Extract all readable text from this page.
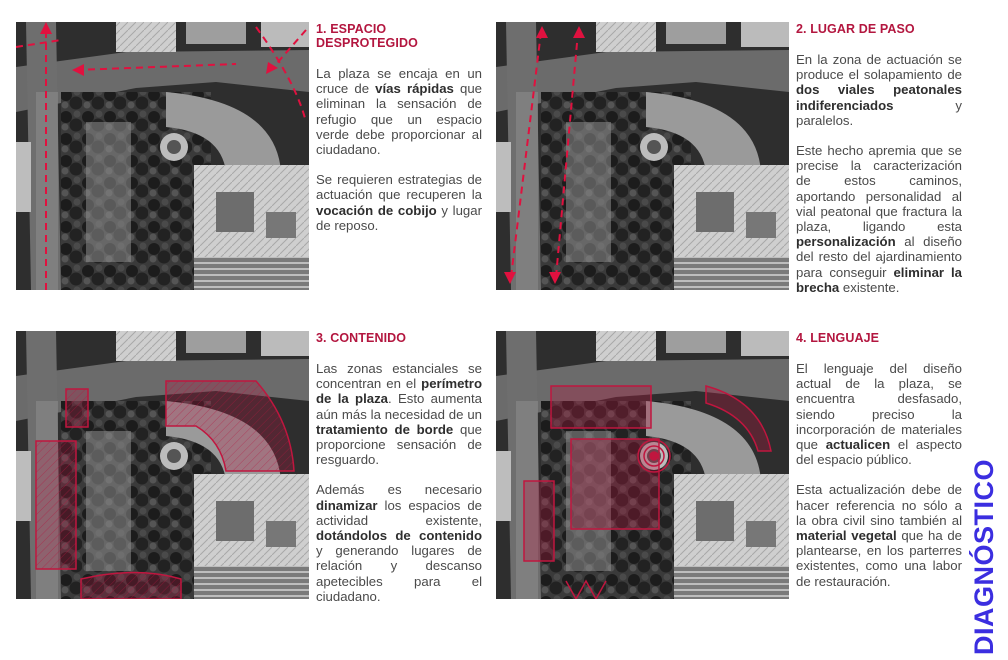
1. ESPACIO DESPROTEGIDO

La plaza se encaja en un cruce de vías rápidas que eliminan la sensación de refugio que un espacio verde debe proporcionar al ciudadano.

Se requieren estrategias de actuación que recuperen la vocación de cobijo y lugar de reposo.

2. LUGAR DE PASO

En la zona de actuación se produce el solapamiento de dos viales peatonales indiferenciados y paralelos.

Este hecho apremia que se precise la caracterización de estos caminos, aportando personalidad al vial peatonal que fractura la plaza, ligando esta personalización al diseño del resto del ajardinamiento para conseguir eliminar la brecha existente.

3. CONTENIDO

Las zonas estanciales se concentran en el perímetro de la plaza. Esto aumenta aún más la necesidad de un tratamiento de borde que proporcione sensación de resguardo.

Además es necesario dinamizar los espacios de actividad existente, dotándolos de contenido y generando lugares de relación y descanso apetecibles para el ciudadano.

4. LENGUAJE

El lenguaje del diseño actual de la plaza, se encuentra desfasado, siendo preciso la incorporación de materiales que actualicen el aspecto del espacio público.

Esta actualización debe de hacer referencia no sólo a la obra civil sino también al material vegetal que ha de plantearse, en los parterres existentes, como una labor de restauración.	DIAGNÓSTICO
